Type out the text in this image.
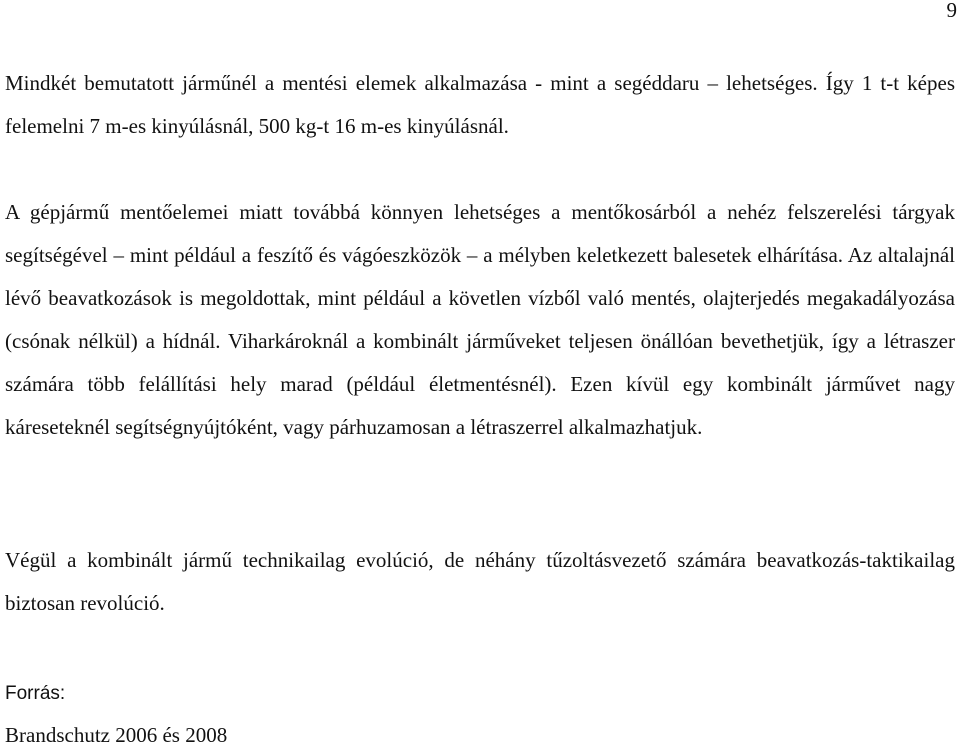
9

Mindkét bemutatott járműnél a mentési elemek alkalmazása - mint a segéddaru – lehetséges. Így 1 t-t képes felemelni 7 m-es kinyúlásnál, 500 kg-t 16 m-es kinyúlásnál.

A gépjármű mentőelemei miatt továbbá könnyen lehetséges a mentőkosárból a nehéz felszerelési tárgyak segítségével – mint például a feszítő és vágóeszközök – a mélyben keletkezett balesetek elhárítása. Az altalajnál lévő beavatkozások is megoldottak, mint például a követlen vízből való mentés, olajterjedés megakadályozása (csónak nélkül) a hídnál. Viharkároknál a kombinált járműveket teljesen önállóan bevethetjük, így a létraszer számára több felállítási hely marad (például életmentésnél). Ezen kívül egy kombinált járművet nagy káreseteknél segítségnyújtóként, vagy párhuzamosan a létraszerrel alkalmazhatjuk.

Végül a kombinált jármű technikailag evolúció, de néhány tűzoltásvezető számára beavatkozás-taktikailag biztosan revolúció.

Forrás:

Brandschutz 2006 és 2008
